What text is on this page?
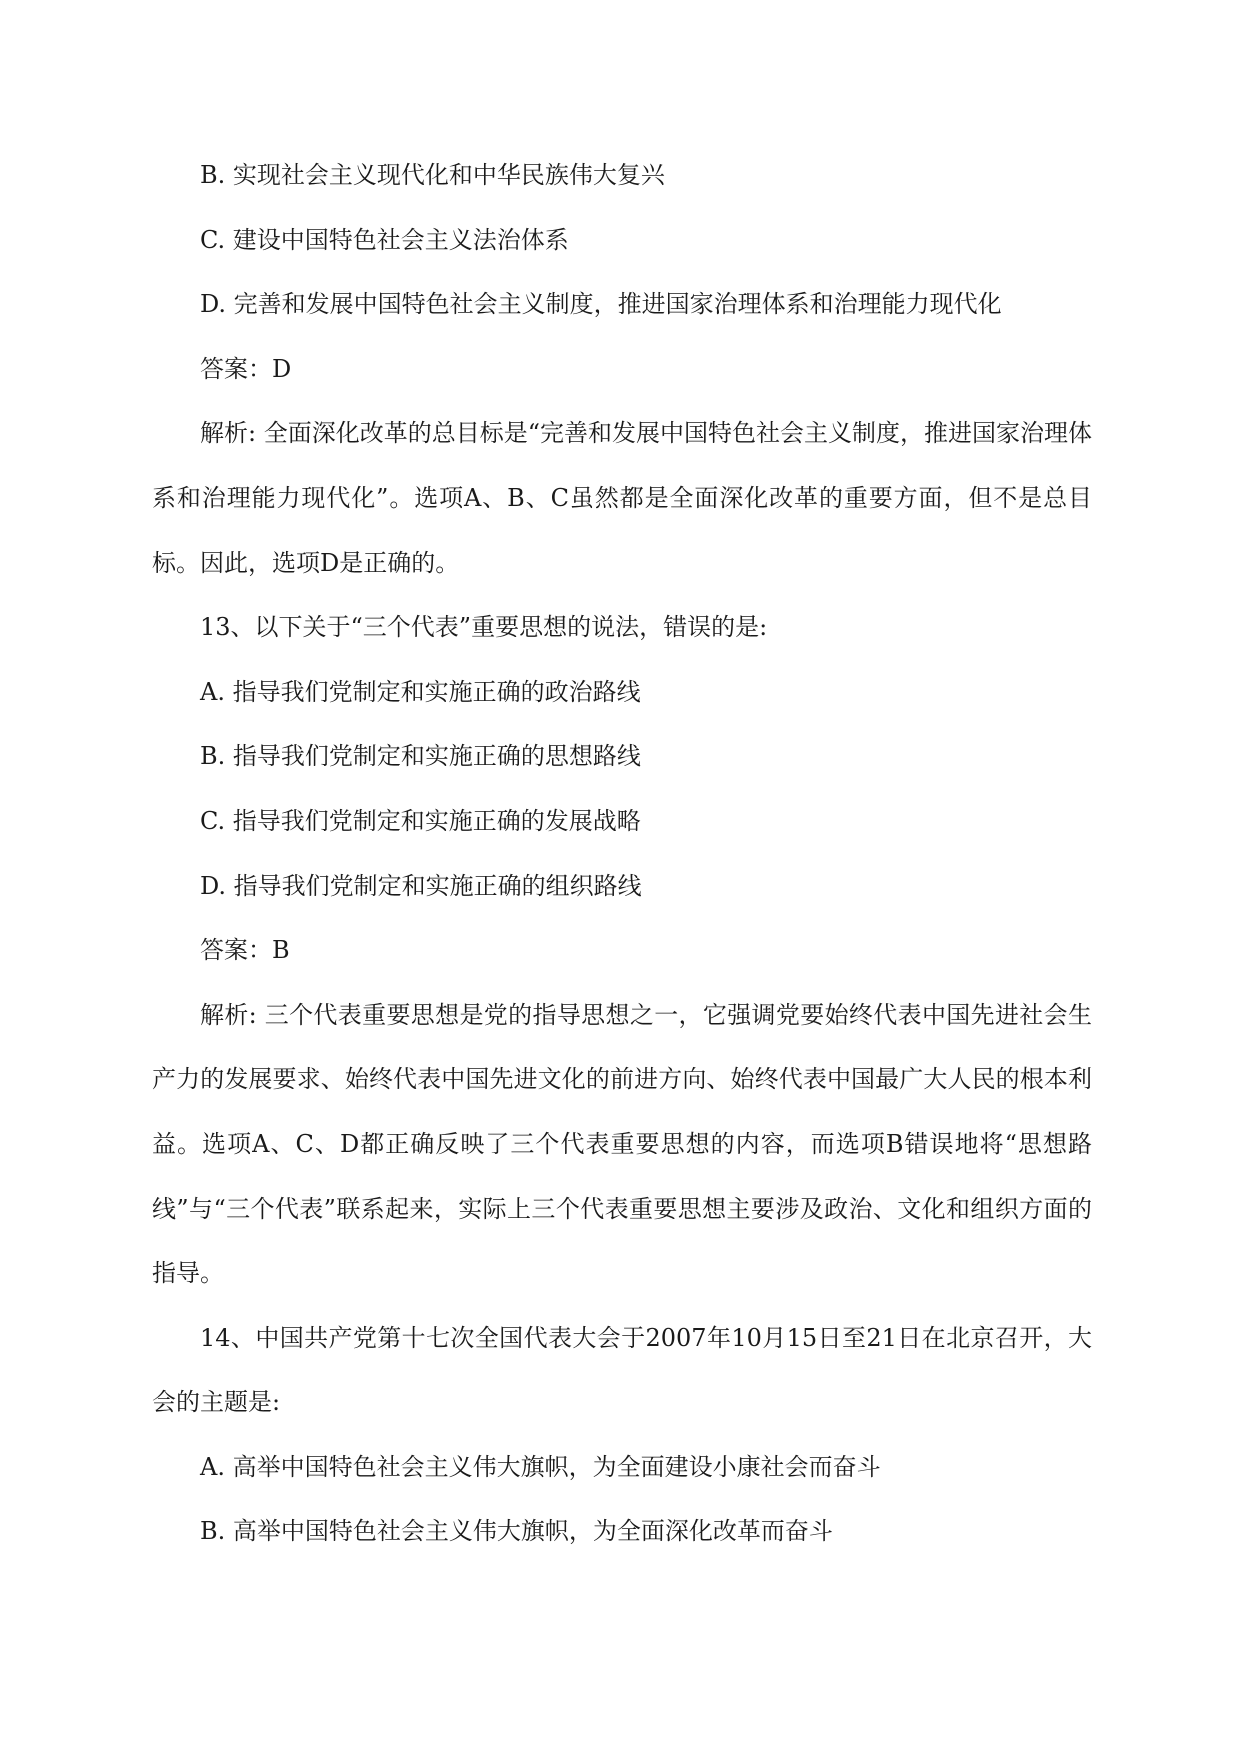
B. 实现社会主义现代化和中华民族伟大复兴

C. 建设中国特色社会主义法治体系

D. 完善和发展中国特色社会主义制度，推进国家治理体系和治理能力现代化

答案：D

解析: 全面深化改革的总目标是“完善和发展中国特色社会主义制度，推进国家治理体系和治理能力现代化”。选项A、B、C虽然都是全面深化改革的重要方面，但不是总目标。因此，选项D是正确的。

13、以下关于“三个代表”重要思想的说法，错误的是:

A. 指导我们党制定和实施正确的政治路线

B. 指导我们党制定和实施正确的思想路线

C. 指导我们党制定和实施正确的发展战略

D. 指导我们党制定和实施正确的组织路线

答案：B

解析: 三个代表重要思想是党的指导思想之一，它强调党要始终代表中国先进社会生产力的发展要求、始终代表中国先进文化的前进方向、始终代表中国最广大人民的根本利益。选项A、C、D都正确反映了三个代表重要思想的内容，而选项B错误地将“思想路线”与“三个代表”联系起来，实际上三个代表重要思想主要涉及政治、文化和组织方面的指导。

14、中国共产党第十七次全国代表大会于2007年10月15日至21日在北京召开，大会的主题是:

A. 高举中国特色社会主义伟大旗帜，为全面建设小康社会而奋斗

B. 高举中国特色社会主义伟大旗帜，为全面深化改革而奋斗
